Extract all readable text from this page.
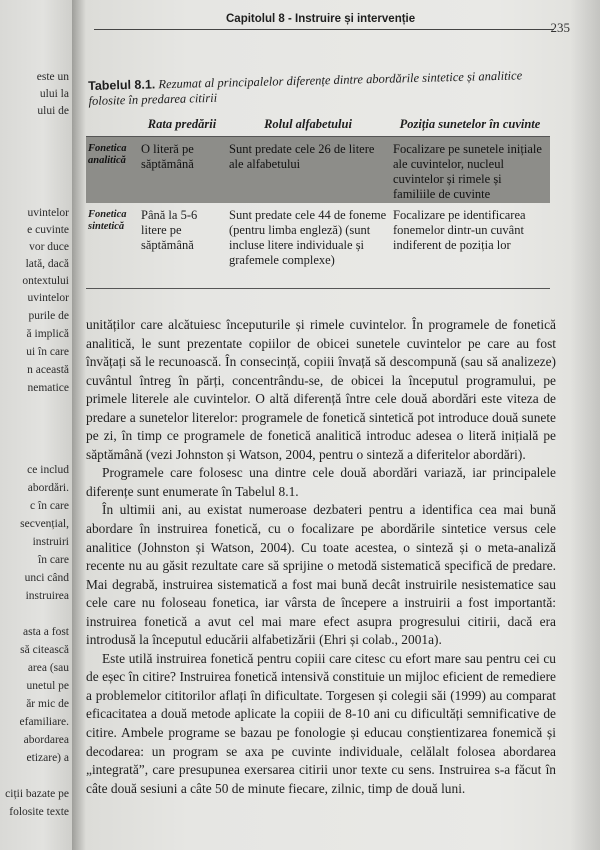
este un
ului la
ului de
uvintelor
e cuvinte
vor duce
lată, dacă
ontextului
uvintelor
purile de
ă implică
ui în care
n această
nematice
ce includ
abordări.
c în care
secvențial,
instruiri
în care
unci când
instruirea
asta a fost
să citească
area (sau
unetul pe
ăr mic de
efamiliare.
abordarea
etizare) a
ciții bazate pe
folosite texte
Capitolul 8 - Instruire și intervenție
235
Tabelul 8.1. Rezumat al principalelor diferențe dintre abordările sintetice și analitice folosite în predarea citirii
Rata predării	Rolul alfabetului	Poziția sunetelor în cuvinte
Fonetica analitică
O literă pe săptămână
Sunt predate cele 26 de litere ale alfabetului
Focalizare pe sunetele inițiale ale cuvintelor, nucleul cuvintelor și rimele și familiile de cuvinte
Fonetica sintetică
Până la 5-6 litere pe săptămână
Sunt predate cele 44 de foneme (pentru limba engleză) (sunt incluse litere individuale și grafemele complexe)
Focalizare pe identificarea fonemelor dintr-un cuvânt indiferent de poziția lor

unităților care alcătuiesc începuturile și rimele cuvintelor. În programele de fonetică analitică, le sunt prezentate copiilor de obicei sunetele cuvintelor pe care au fost învățați să le recunoască. În consecință, copiii învață să descompună (sau să analizeze) cuvântul întreg în părți, concentrându-se, de obicei la începutul programului, pe primele literele ale cuvintelor. O altă diferență între cele două abordări este viteza de predare a sunetelor literelor: programele de fonetică sintetică pot introduce două sunete pe zi, în timp ce programele de fonetică analitică introduc adesea o literă inițială pe săptămână (vezi Johnston și Watson, 2004, pentru o sinteză a diferitelor abordări).

Programele care folosesc una dintre cele două abordări variază, iar principalele diferențe sunt enumerate în Tabelul 8.1.

În ultimii ani, au existat numeroase dezbateri pentru a identifica cea mai bună abordare în instruirea fonetică, cu o focalizare pe abordările sintetice versus cele analitice (Johnston și Watson, 2004). Cu toate acestea, o sinteză și o meta-analiză recente nu au găsit rezultate care să sprijine o metodă sistematică specifică de predare. Mai degrabă, instruirea sistematică a fost mai bună decât instruirile nesistematice sau cele care nu foloseau fonetica, iar vârsta de începere a instruirii a fost importantă: instruirea fonetică a avut cel mai mare efect asupra progresului citirii, dacă era introdusă la începutul educării alfabetizării (Ehri și colab., 2001a).

Este utilă instruirea fonetică pentru copiii care citesc cu efort mare sau pentru cei cu de eșec în citire? Instruirea fonetică intensivă constituie un mijloc eficient de remediere a problemelor cititorilor aflați în dificultate. Torgesen și colegii săi (1999) au comparat eficacitatea a două metode aplicate la copiii de 8-10 ani cu dificultăți semnificative de citire. Ambele programe se bazau pe fonologie și educau conștientizarea fonemică și decodarea: un program se axa pe cuvinte individuale, celălalt folosea abordarea „integrată”, care presupunea exersarea citirii unor texte cu sens. Instruirea s-a făcut în câte două sesiuni a câte 50 de minute fiecare, zilnic, timp de două luni.
